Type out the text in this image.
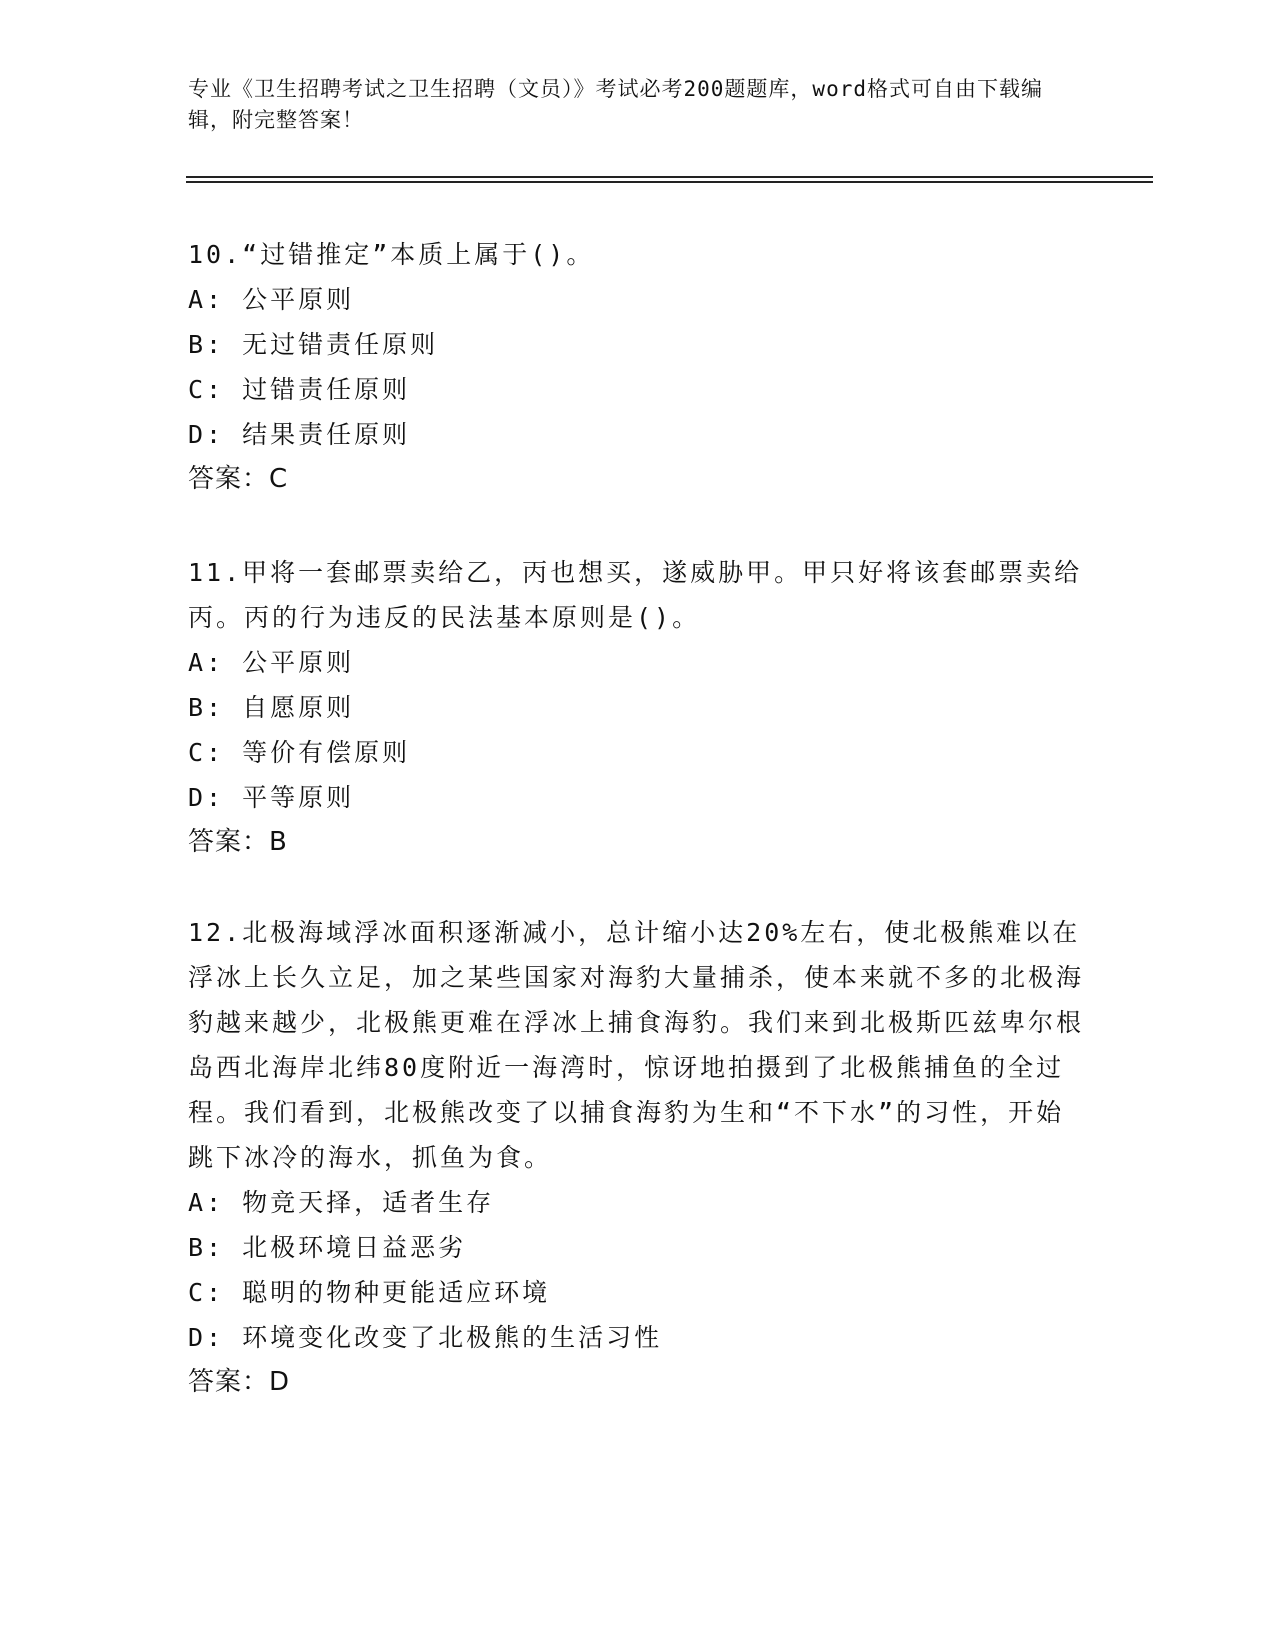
专业《卫生招聘考试之卫生招聘（文员）》考试必考200题题库，word格式可自由下载编辑，附完整答案！
10.“过错推定”本质上属于()。
A: 公平原则
B: 无过错责任原则
C: 过错责任原则
D: 结果责任原则
答案：C
11.甲将一套邮票卖给乙，丙也想买，遂威胁甲。甲只好将该套邮票卖给丙。丙的行为违反的民法基本原则是()。
A: 公平原则
B: 自愿原则
C: 等价有偿原则
D: 平等原则
答案：B
12.北极海域浮冰面积逐渐减小，总计缩小达20%左右，使北极熊难以在浮冰上长久立足，加之某些国家对海豹大量捕杀，使本来就不多的北极海豹越来越少，北极熊更难在浮冰上捕食海豹。我们来到北极斯匹兹卑尔根岛西北海岸北纬80度附近一海湾时，惊讶地拍摄到了北极熊捕鱼的全过程。我们看到，北极熊改变了以捕食海豹为生和“不下水”的习性，开始跳下冰冷的海水，抓鱼为食。
A: 物竞天择，适者生存
B: 北极环境日益恶劣
C: 聪明的物种更能适应环境
D: 环境变化改变了北极熊的生活习性
答案：D
